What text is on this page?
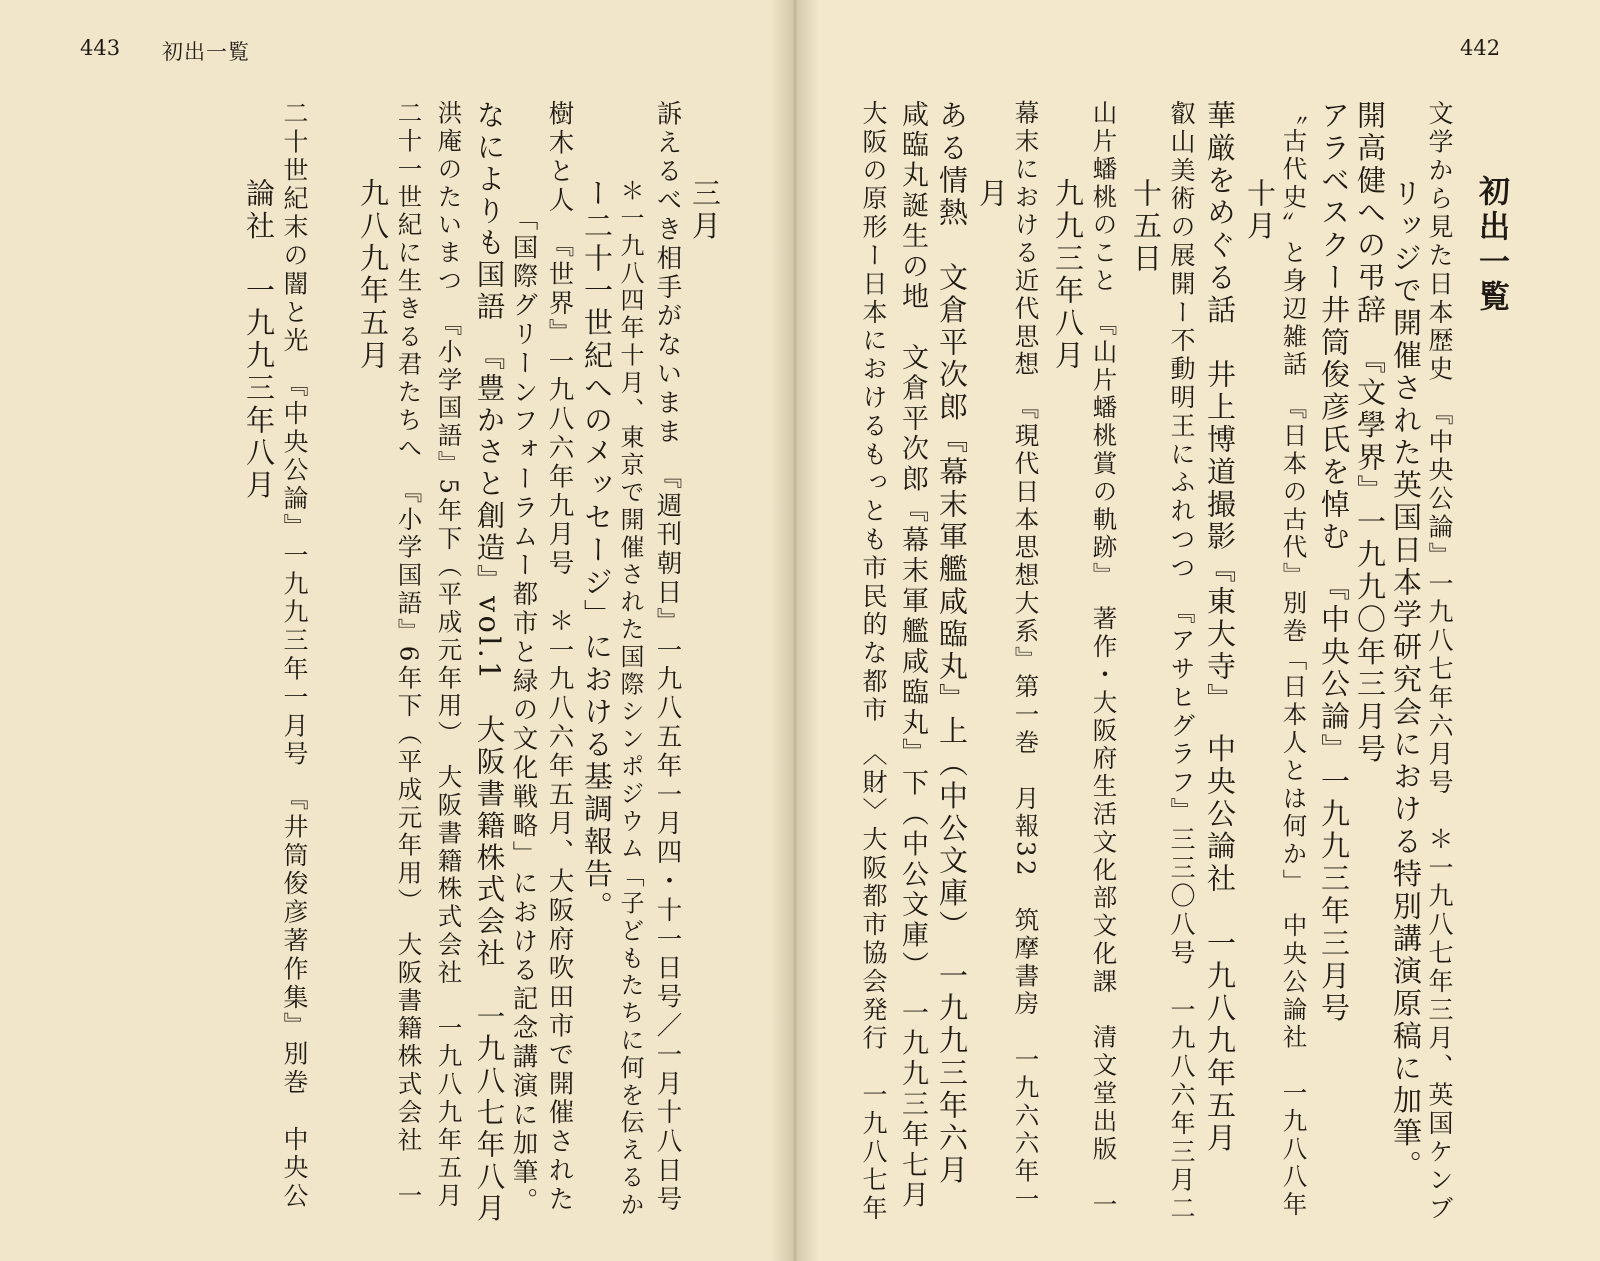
443 初出一覧
三月
訴えるべき相手がないまま　『週刊朝日』一九八五年一月四・十一日号／一月十八日号
＊一九八四年十月、東京で開催された国際シンポジウム「子どもたちに何を伝えるか
ー二十一世紀へのメッセージ」における基調報告。
樹木と人　『世界』一九八六年九月号　＊一九八六年五月、大阪府吹田市で開催された
「国際グリーンフォーラムー都市と緑の文化戦略」における記念講演に加筆。
なによりも国語　『豊かさと創造』vol.1　大阪書籍株式会社　一九八七年八月
洪庵のたいまつ　『小学国語』5年下（平成元年用）　大阪書籍株式会社　一九八九年五月
二十一世紀に生きる君たちへ　『小学国語』6年下（平成元年用）　大阪書籍株式会社　一
九八九年五月
二十世紀末の闇と光　『中央公論』一九九三年一月号　『井筒俊彦著作集』別巻　中央公
論社　一九九三年八月
442
初出一覧
文学から見た日本歴史　『中央公論』一九八七年六月号　＊一九八七年三月、英国ケンブ
リッジで開催された英国日本学研究会における特別講演原稿に加筆。
開高健への弔辞　『文學界』一九九〇年三月号
アラベスクー井筒俊彦氏を悼む　『中央公論』一九九三年三月号
〝古代史〟と身辺雑話　『日本の古代』別巻「日本人とは何か」　中央公論社　一九八八年
十月
華厳をめぐる話　井上博道撮影『東大寺』　中央公論社　一九八九年五月
叡山美術の展開ー不動明王にふれつつ　『アサヒグラフ』三三〇八号　一九八六年三月二
十五日
山片蟠桃のこと　『山片蟠桃賞の軌跡』　著作・大阪府生活文化部文化課　清文堂出版　一
九九三年八月
幕末における近代思想　『現代日本思想大系』第一巻　月報32　筑摩書房　一九六六年一
月
ある情熱　文倉平次郎『幕末軍艦咸臨丸』上（中公文庫）　一九九三年六月
咸臨丸誕生の地　文倉平次郎『幕末軍艦咸臨丸』下（中公文庫）　一九九三年七月
大阪の原形ー日本におけるもっとも市民的な都市　〈財〉大阪都市協会発行　一九八七年
